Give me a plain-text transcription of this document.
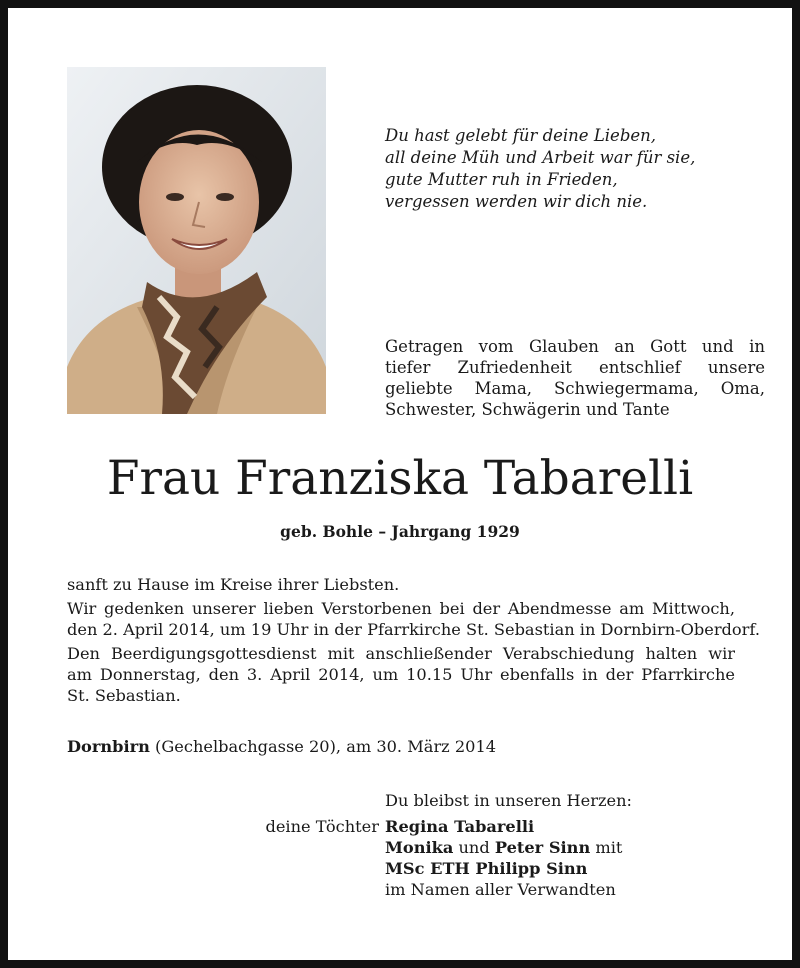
Du hast gelebt für deine Lieben,
all deine Müh und Arbeit war für sie,
gute Mutter ruh in Frieden,
vergessen werden wir dich nie.
Getragen vom Glauben an Gott und in
tiefer Zufriedenheit entschlief unsere
geliebte Mama, Schwiegermama, Oma,
Schwester, Schwägerin und Tante
Frau Franziska Tabarelli
geb. Bohle – Jahrgang 1929

sanft zu Hause im Kreise ihrer Liebsten.

Wir gedenken unserer lieben Verstorbenen bei der Abendmesse am Mittwoch,
den 2. April 2014, um 19 Uhr in der Pfarrkirche St. Sebastian in Dornbirn-Oberdorf.

Den Beerdigungsgottesdienst mit anschließender Verabschiedung halten wir
am Donnerstag, den 3. April 2014, um 10.15 Uhr ebenfalls in der Pfarrkirche
St. Sebastian.

Dornbirn (Gechelbachgasse 20), am 30. März 2014
Du bleibst in unseren Herzen:
deine Töchter Regina Tabarelli
Monika und Peter Sinn mit
MSc ETH Philipp Sinn
im Namen aller Verwandten
